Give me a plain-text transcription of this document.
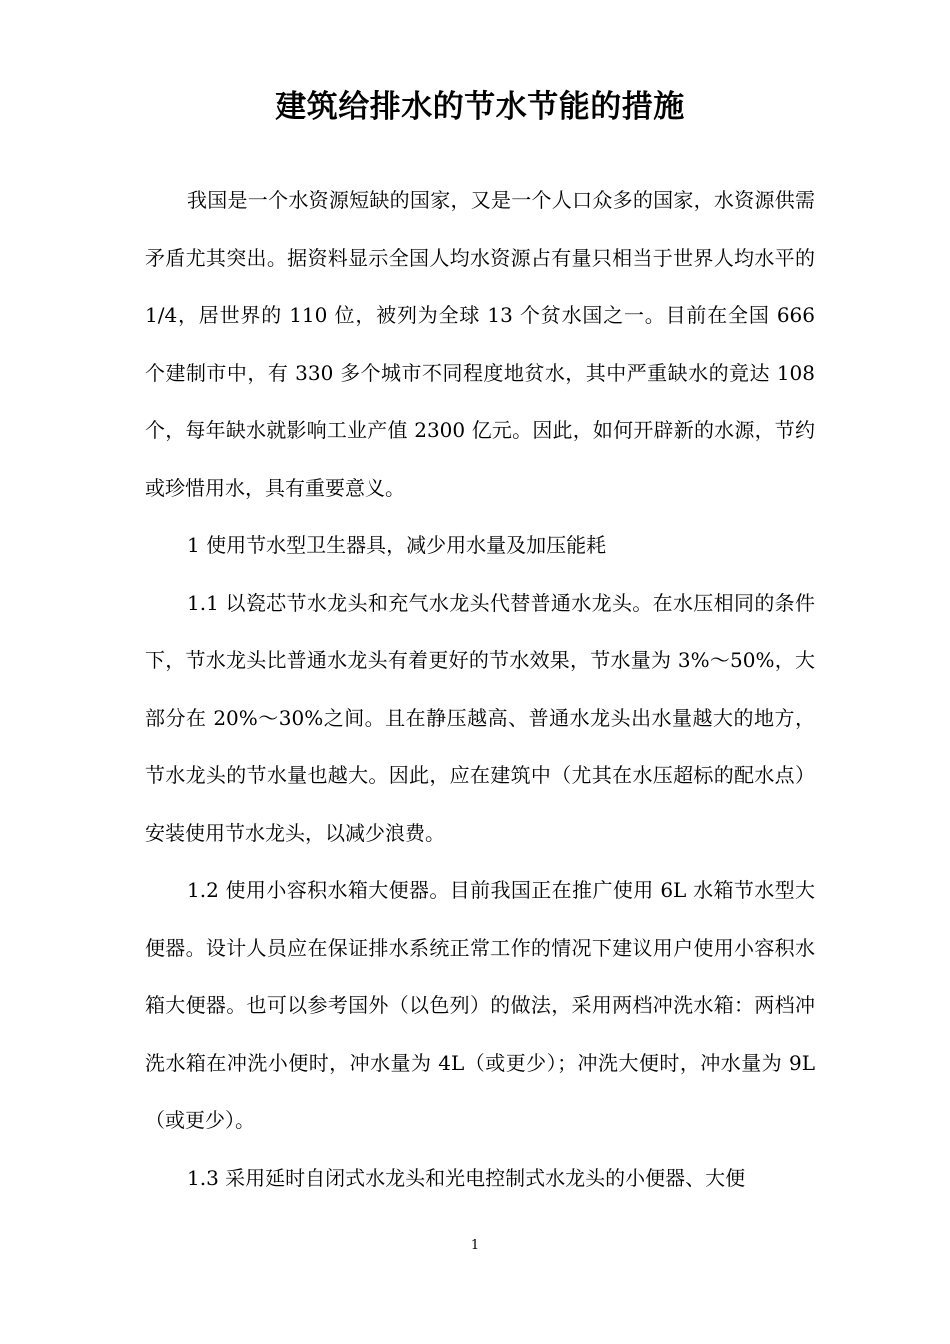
建筑给排水的节水节能的措施

我国是一个水资源短缺的国家，又是一个人口众多的国家，水资源供需矛盾尤其突出。据资料显示全国人均水资源占有量只相当于世界人均水平的 1/4，居世界的 110 位，被列为全球 13 个贫水国之一。目前在全国 666 个建制市中，有 330 多个城市不同程度地贫水，其中严重缺水的竟达 108 个，每年缺水就影响工业产值 2300 亿元。因此，如何开辟新的水源，节约或珍惜用水，具有重要意义。

1 使用节水型卫生器具，减少用水量及加压能耗

1.1 以瓷芯节水龙头和充气水龙头代替普通水龙头。在水压相同的条件下，节水龙头比普通水龙头有着更好的节水效果，节水量为 3%～50%，大部分在 20%～30%之间。且在静压越高、普通水龙头出水量越大的地方，节水龙头的节水量也越大。因此，应在建筑中（尤其在水压超标的配水点）安装使用节水龙头，以减少浪费。

1.2 使用小容积水箱大便器。目前我国正在推广使用 6L 水箱节水型大便器。设计人员应在保证排水系统正常工作的情况下建议用户使用小容积水箱大便器。也可以参考国外（以色列）的做法，采用两档冲洗水箱：两档冲洗水箱在冲洗小便时，冲水量为 4L（或更少）；冲洗大便时，冲水量为 9L（或更少）。

1.3 采用延时自闭式水龙头和光电控制式水龙头的小便器、大便

1
